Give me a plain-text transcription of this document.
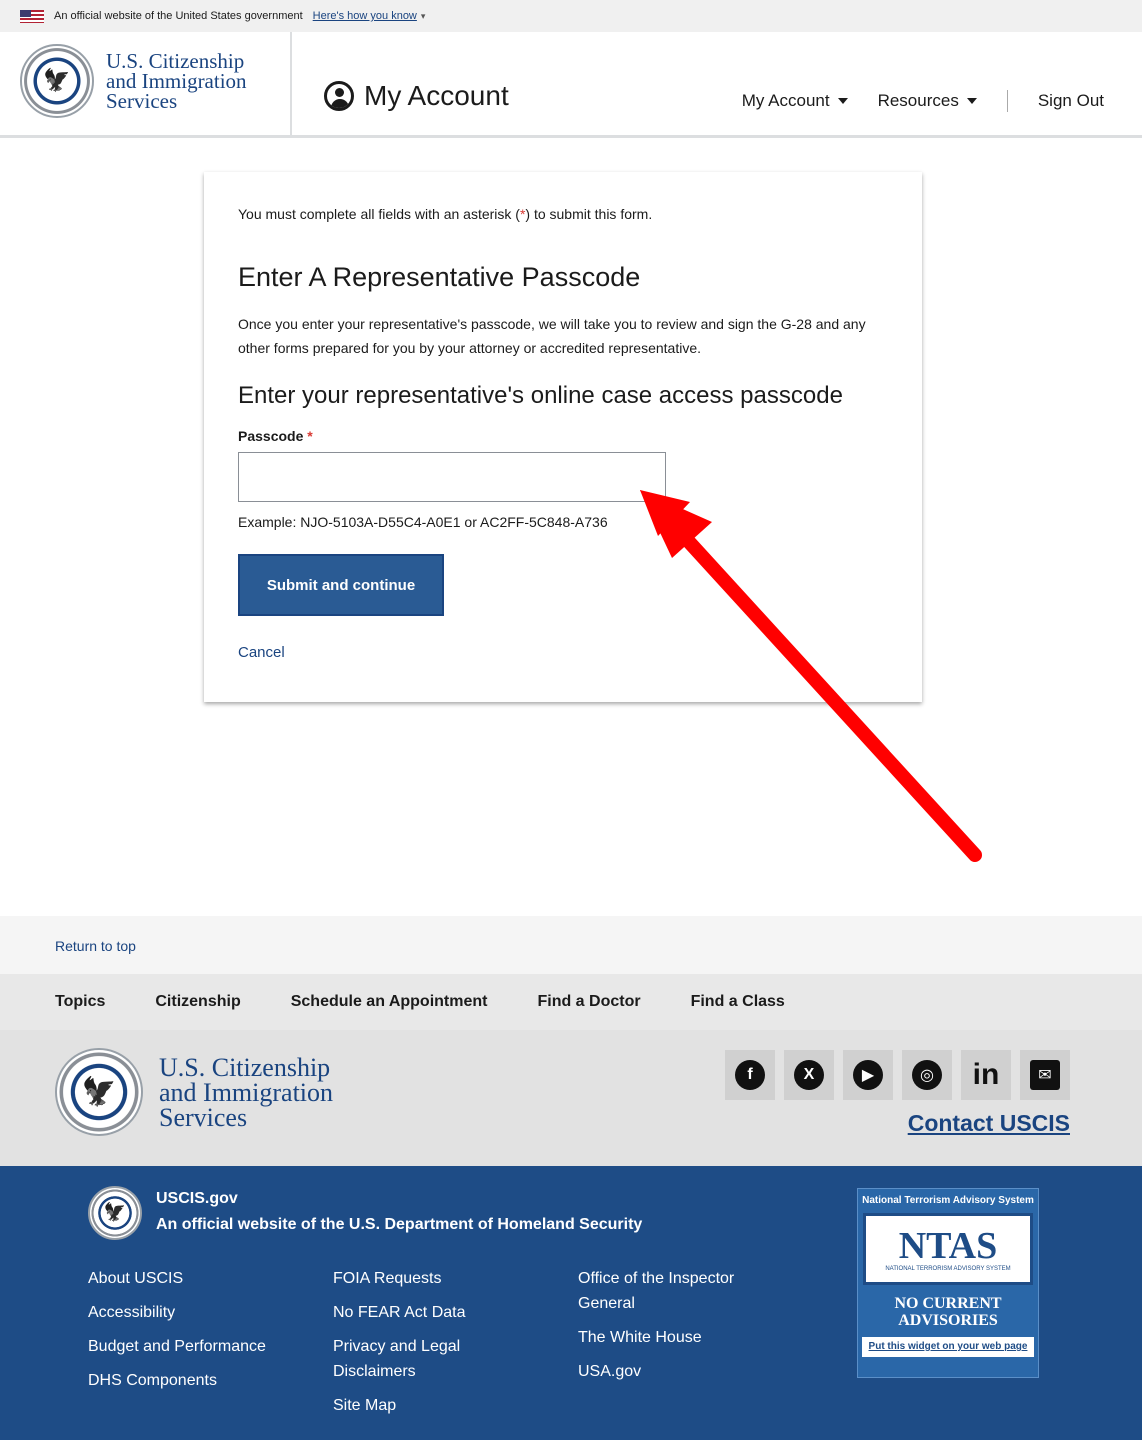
An official website of the United States government Here's how you know ▾
🦅
U.S. Citizenship
and Immigration
Services	My Account	My Account	Resources	Sign Out

You must complete all fields with an asterisk (*) to submit this form.

Enter A Representative Passcode

Once you enter your representative's passcode, we will take you to review and sign the G-28 and any other forms prepared for you by your attorney or accredited representative.

Enter your representative's online case access passcode
Passcode *

Example: NJO-5103A-D55C4-A0E1 or AC2FF-5C848-A736

Submit and continue
Cancel
Return to top
Topics	Citizenship	Schedule an Appointment	Find a Doctor	Find a Class
🦅
U.S. Citizenship
and Immigration
Services
f	X	▶	◎ in	✉
Contact USCIS
🦅
USCIS.gov
An official website of the U.S. Department of Homeland Security
About USCIS
Accessibility
Budget and Performance
DHS Components
FOIA Requests
No FEAR Act Data
Privacy and Legal Disclaimers
Site Map
Office of the Inspector General
The White House
USA.gov
National Terrorism Advisory System
NTAS
NATIONAL TERRORISM ADVISORY SYSTEM
NO CURRENT ADVISORIES
Put this widget on your web page
